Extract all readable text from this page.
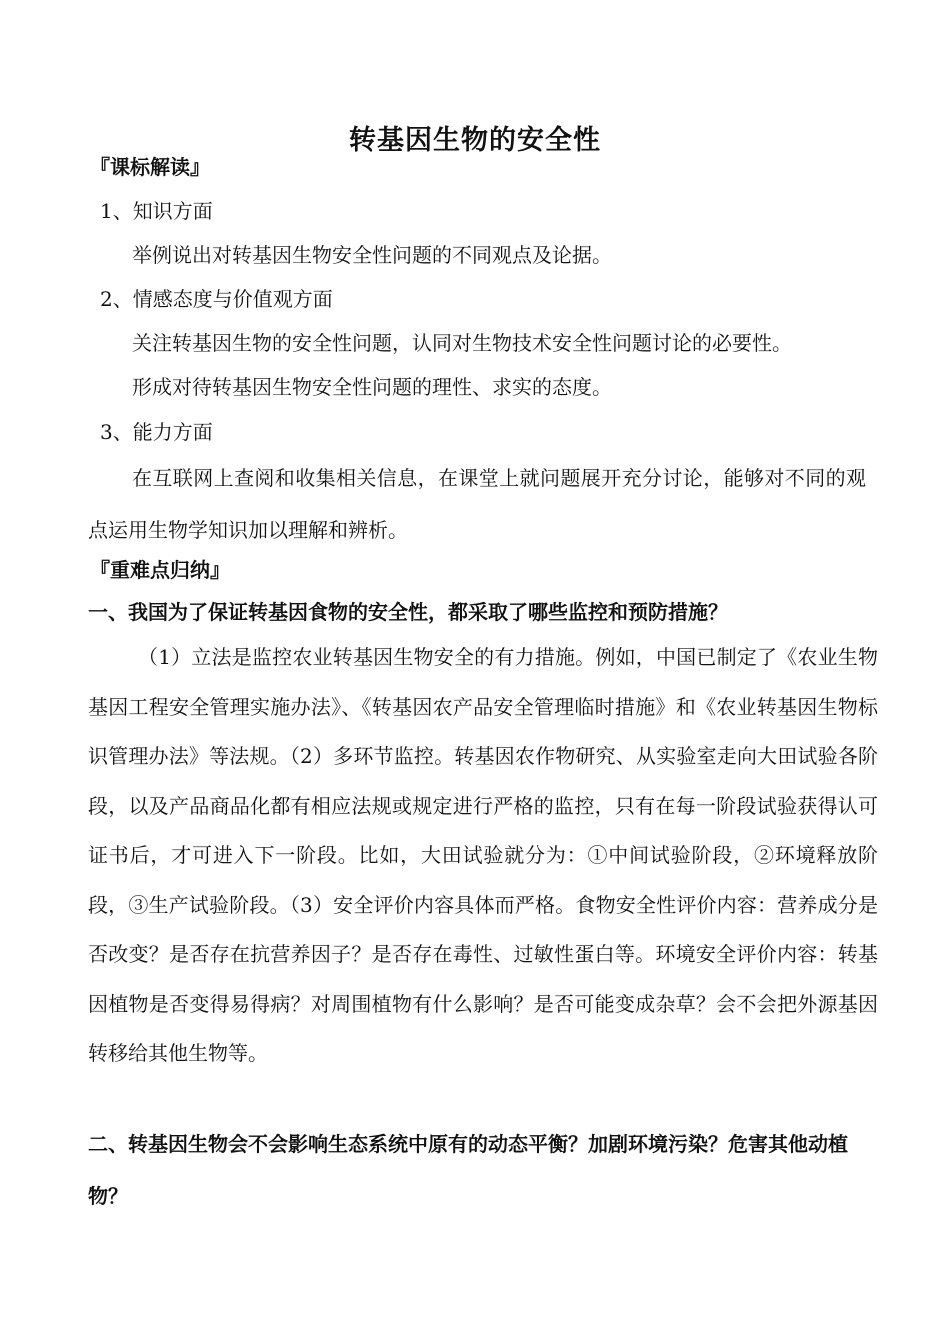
转基因生物的安全性
『课标解读』
1、知识方面
举例说出对转基因生物安全性问题的不同观点及论据。
2、情感态度与价值观方面
关注转基因生物的安全性问题，认同对生物技术安全性问题讨论的必要性。
形成对待转基因生物安全性问题的理性、求实的态度。
3、能力方面
在互联网上查阅和收集相关信息，在课堂上就问题展开充分讨论，能够对不同的观点运用生物学知识加以理解和辨析。
『重难点归纳』
一、我国为了保证转基因食物的安全性，都采取了哪些监控和预防措施？
（1）立法是监控农业转基因生物安全的有力措施。例如，中国已制定了《农业生物基因工程安全管理实施办法》、《转基因农产品安全管理临时措施》和《农业转基因生物标识管理办法》等法规。（2）多环节监控。转基因农作物研究、从实验室走向大田试验各阶段，以及产品商品化都有相应法规或规定进行严格的监控，只有在每一阶段试验获得认可证书后，才可进入下一阶段。比如，大田试验就分为：①中间试验阶段，②环境释放阶段，③生产试验阶段。（3）安全评价内容具体而严格。食物安全性评价内容：营养成分是否改变？是否存在抗营养因子？是否存在毒性、过敏性蛋白等。环境安全评价内容：转基因植物是否变得易得病？对周围植物有什么影响？是否可能变成杂草？会不会把外源基因转移给其他生物等。
二、转基因生物会不会影响生态系统中原有的动态平衡？加剧环境污染？危害其他动植物？
